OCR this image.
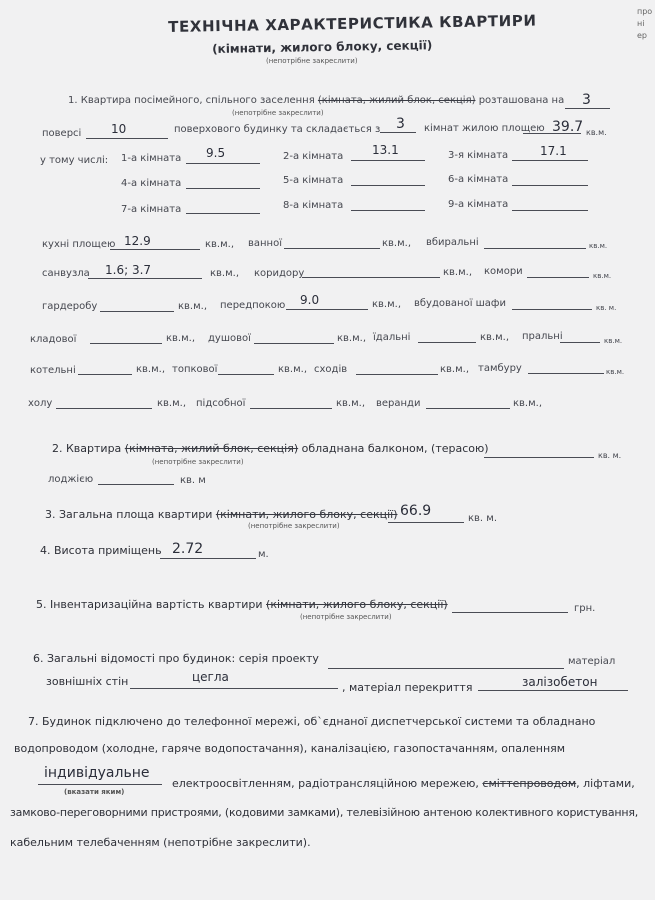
про
ні
ер
ТЕХНІЧНА ХАРАКТЕРИСТИКА КВАРТИРИ
(кімнати, жилого блоку, секції)
(непотрібне закреслити)
1. Квартира посімейного, спільного заселення (кімната, жилий блок, секція) розташована на
(непотрібне закреслити)
3
поверсі 10	поверхового будинку та складається з 3 кімнат жилою площею 39.7 кв.м.
у тому числі: 1-а кімната 9.5	2-а кімната 13.1	3-я кімната	17.1
4-а кімната	5-а кімната	6-а кімната
7-а кімната	8-а кімната	9-а кімната
кухні площею 12.9	кв.м., ванної	кв.м., вбиральні	кв.м.
санвузла 1.6; 3.7	кв.м., коридору	кв.м., комори	кв.м.
гардеробу	кв.м., передпокою 9.0	кв.м., вбудованої шафи	кв. м.
кладової	кв.м., душової	кв.м., їдальні	кв.м., пральні	кв.м.
котельні	кв.м., топкової	кв.м., сходів	кв.м., тамбуру	кв.м.
холу	кв.м., підсобної	кв.м., веранди	кв.м.,
2. Квартира (кімната, жилий блок, секція) обладнана балконом, (терасою)
(непотрібне закреслити)
кв. м.
лоджією	кв. м
3. Загальна площа квартири (кімнати, жилого блоку, секції)
(непотрібне закреслити)
66.9	кв. м.
4. Висота приміщень 2.72	м.
5. Інвентаризаційна вартість квартири (кімнати, жилого блоку, секції)
(непотрібне закреслити)
грн.
6. Загальні відомості про будинок: серія проекту	матеріал
зовнішніх стін	цегла
, матеріал перекриття	залізобетон
7. Будинок підключено до телефонної мережі, об`єднаної диспетчерської системи та обладнано
водопроводом (холодне, гаряче водопостачання), каналізацією, газопостачанням, опаленням
індивідуальне
(вказати яким)
електроосвітленням, радіотрансляційною мережею, сміттепроводом, ліфтами,
замково-переговорними пристроями, (кодовими замками), телевізійною антеною колективного користування,
кабельним телебаченням (непотрібне закреслити).
